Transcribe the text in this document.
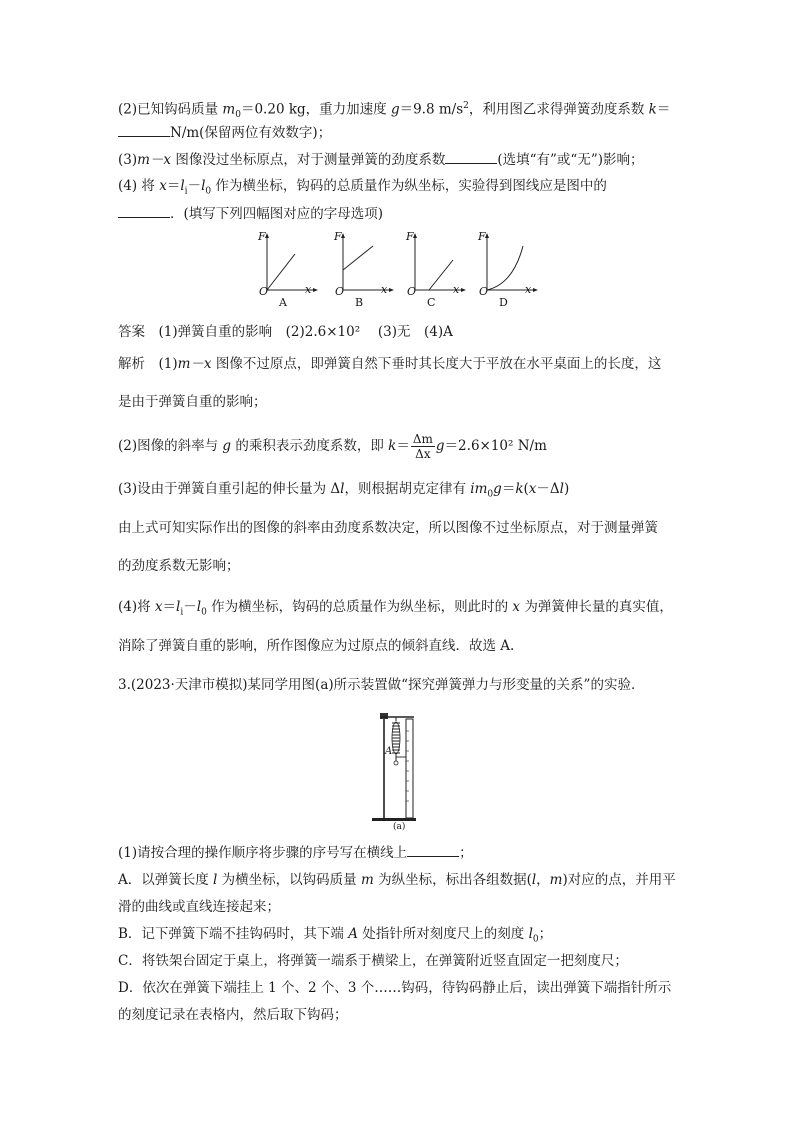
(2)已知钩码质量 $m_0=0.20$ kg，重力加速度 g＝9.8 $m/s^2$，利用图乙求得弹簧劲度系数 k＝
N/m(保留两位有效数字)；
(3)m－x 图像没过坐标原点，对于测量弹簧的劲度系数	(选填“有”或“无”)影响；
(4) 将 $x=l_i-l_0$ 作为横坐标，钩码的总质量作为纵坐标，实验得到图线应是图中的
．(填写下列四幅图对应的字母选项)
F
x
O
A
F
x
O
B
F
x
O
C
F
x
O
D
答案　 (1)弹簧自重的影响　(2)2.6×10² 　(3)无　(4)A
解析　 (1)m－x 图像不过原点，即弹簧自然下垂时其长度大于平放在水平桌面上的长度，这
是由于弹簧自重的影响；
(2)图像的斜率与 g 的乘积表示劲度系数，即 $k= \frac{\Delta m}{\Delta x} g=2.6\times 10^2$ N/m
(3)设由于弹簧自重引起的伸长量为 Δl，则根据胡克定律有 $im_0g=k(x-\Delta l)$
由上式可知实际作出的图像的斜率由劲度系数决定，所以图像不过坐标原点，对于测量弹簧
的劲度系数无影响；
(4)将 $x=l_i-l_0$ 作为横坐标，钩码的总质量作为纵坐标，则此时的 x 为弹簧伸长量的真实值，
消除了弹簧自重的影响，所作图像应为过原点的倾斜直线．故选 A.
3.(2023·天津市模拟)某同学用图(a)所示装置做“探究弹簧弹力与形变量的关系”的实验．
A
(a)
(1)请按合理的操作顺序将步骤的序号写在横线上	；
A．以弹簧长度 l 为横坐标，以钩码质量 m 为纵坐标，标出各组数据(l，m)对应的点，并用平
滑的曲线或直线连接起来；
B．记下弹簧下端不挂钩码时，其下端 A 处指针所对刻度尺上的刻度 $l_0$；
C．将铁架台固定于桌上，将弹簧一端系于横梁上，在弹簧附近竖直固定一把刻度尺；
D．依次在弹簧下端挂上 1 个、2 个、3 个……钩码，待钩码静止后，读出弹簧下端指针所示
的刻度记录在表格内，然后取下钩码；
